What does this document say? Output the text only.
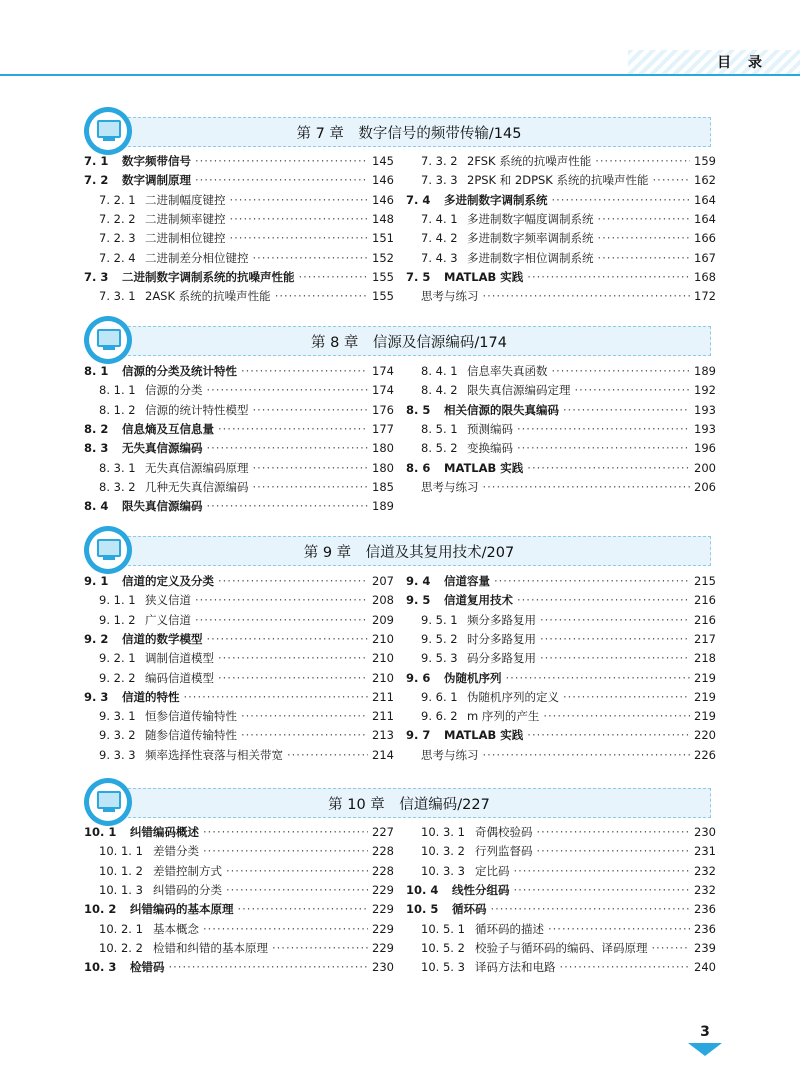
目 录
第 7 章　数字信号的频带传输/145
7. 1	数字频带信号 ·····	145
7. 2	数字调制原理 ·····	146
7. 2. 1 二进制幅度键控 ·····	146
7. 2. 2 二进制频率键控 ·····	148
7. 2. 3 二进制相位键控 ·····	151
7. 2. 4 二进制差分相位键控 ·····	152
7. 3	二进制数字调制系统的抗噪声性能 ·····	155
7. 3. 1 2ASK 系统的抗噪声性能 ·····	155
7. 3. 2 2FSK 系统的抗噪声性能 ·····	159
7. 3. 3 2PSK 和 2DPSK 系统的抗噪声性能 ·····	162
7. 4	多进制数字调制系统 ·····	164
7. 4. 1 多进制数字幅度调制系统 ·····	164
7. 4. 2 多进制数字频率调制系统 ·····	166
7. 4. 3 多进制数字相位调制系统 ·····	167
7. 5	MATLAB 实践 ·····	168
思考与练习 ·····	172
第 8 章　信源及信源编码/174
8. 1	信源的分类及统计特性 ·····	174
8. 1. 1 信源的分类 ·····	174
8. 1. 2 信源的统计特性模型 ·····	176
8. 2	信息熵及互信息量 ·····	177
8. 3	无失真信源编码 ·····	180
8. 3. 1 无失真信源编码原理 ·····	180
8. 3. 2 几种无失真信源编码 ·····	185
8. 4	限失真信源编码 ·····	189
8. 4. 1 信息率失真函数 ·····	189
8. 4. 2 限失真信源编码定理 ·····	192
8. 5	相关信源的限失真编码 ·····	193
8. 5. 1 预测编码 ·····	193
8. 5. 2 变换编码 ·····	196
8. 6	MATLAB 实践 ·····	200
思考与练习 ·····	206
第 9 章　信道及其复用技术/207
9. 1	信道的定义及分类 ·····	207
9. 1. 1 狭义信道 ·····	208
9. 1. 2 广义信道 ·····	209
9. 2	信道的数学模型 ·····	210
9. 2. 1 调制信道模型 ·····	210
9. 2. 2 编码信道模型 ·····	210
9. 3	信道的特性 ·····	211
9. 3. 1 恒参信道传输特性 ·····	211
9. 3. 2 随参信道传输特性 ·····	213
9. 3. 3 频率选择性衰落与相关带宽 ·····	214
9. 4	信道容量 ·····	215
9. 5	信道复用技术 ·····	216
9. 5. 1 频分多路复用 ·····	216
9. 5. 2 时分多路复用 ·····	217
9. 5. 3 码分多路复用 ·····	218
9. 6	伪随机序列 ·····	219
9. 6. 1 伪随机序列的定义 ·····	219
9. 6. 2 m 序列的产生 ·····	219
9. 7	MATLAB 实践 ·····	220
思考与练习 ·····	226
第 10 章　信道编码/227
10. 1	纠错编码概述 ·····	227
10. 1. 1 差错分类 ·····	228
10. 1. 2 差错控制方式 ·····	228
10. 1. 3 纠错码的分类 ·····	229
10. 2	纠错编码的基本原理 ·····	229
10. 2. 1 基本概念 ·····	229
10. 2. 2 检错和纠错的基本原理 ·····	229
10. 3	检错码 ·····	230
10. 3. 1 奇偶校验码 ·····	230
10. 3. 2 行列监督码 ·····	231
10. 3. 3 定比码 ·····	232
10. 4	线性分组码 ·····	232
10. 5	循环码 ·····	236
10. 5. 1 循环码的描述 ·····	236
10. 5. 2 校验子与循环码的编码、译码原理 ·····	239
10. 5. 3 译码方法和电路 ·····	240
3
